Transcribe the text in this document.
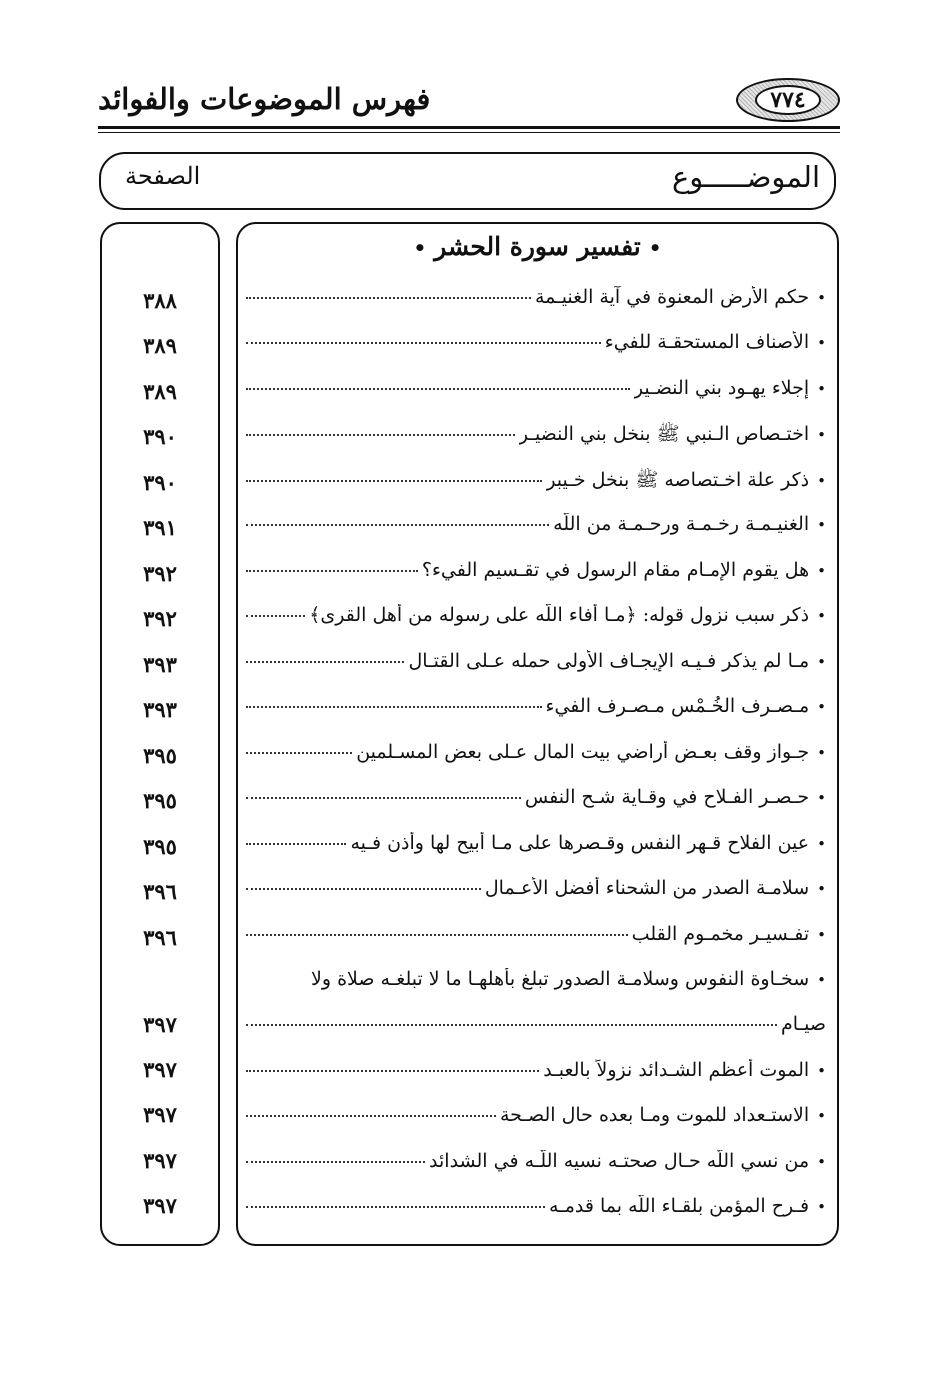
فهرس الموضوعات والفوائد	٧٧٤
الموضـــــوع
الصفحة
•تفسير سورة الحشر•
•
حكم الأرض المعنوة في آية الغنيـمة
٣٨٨
•
الأصناف المستحقـة للفيء
٣٨٩
•
إجلاء يهـود بني النضـير
٣٨٩
•
اختـصاص الـنبي ﷺ بنخل بني النضيـر
٣٩٠
•
ذكر علة اخـتصاصه ﷺ بنخل خـيبر
٣٩٠
•
الغنيـمـة رخـمـة ورحـمـة من اللّه
٣٩١
•
هل يقوم الإمـام مقام الرسول في تقـسيم الفيء؟
٣٩٢
•
ذكر سبب نزول قوله: ﴿مـا أفاء اللّه على رسوله من أهل القرى﴾
٣٩٢
•
مـا لم يذكر فـيـه الإيجـاف الأولى حمله عـلى القتـال
٣٩٣
•
مـصـرف الخُـمْس مـصـرف الفيء
٣٩٣
•
جـواز وقف بعـض أراضي بيت المال عـلى بعض المسـلمين
٣٩٥
•
حـصـر الفـلاح في وقـاية شـح النفس
٣٩٥
•
عين الفلاح قـهر النفس وقـصرها على مـا أبيح لها وأذن فـيه
٣٩٥
•
سلامـة الصدر من الشحناء أفضل الأعـمال
٣٩٦
•
تفـسيـر مخمـوم القلب
٣٩٦
•
سخـاوة النفوس وسلامـة الصدور تبلغ بأهلهـا ما لا تبلغـه صلاة ولا
صيـام
٣٩٧
•
الموت أعظم الشـدائد نزولاً بالعبـد
٣٩٧
•
الاستـعداد للموت ومـا بعده حال الصـحة
٣٩٧
•
من نسي اللّه حـال صحتـه نسيه اللّـه في الشدائد
٣٩٧
•
فـرح المؤمن بلقـاء اللّه بما قدمـه
٣٩٧
